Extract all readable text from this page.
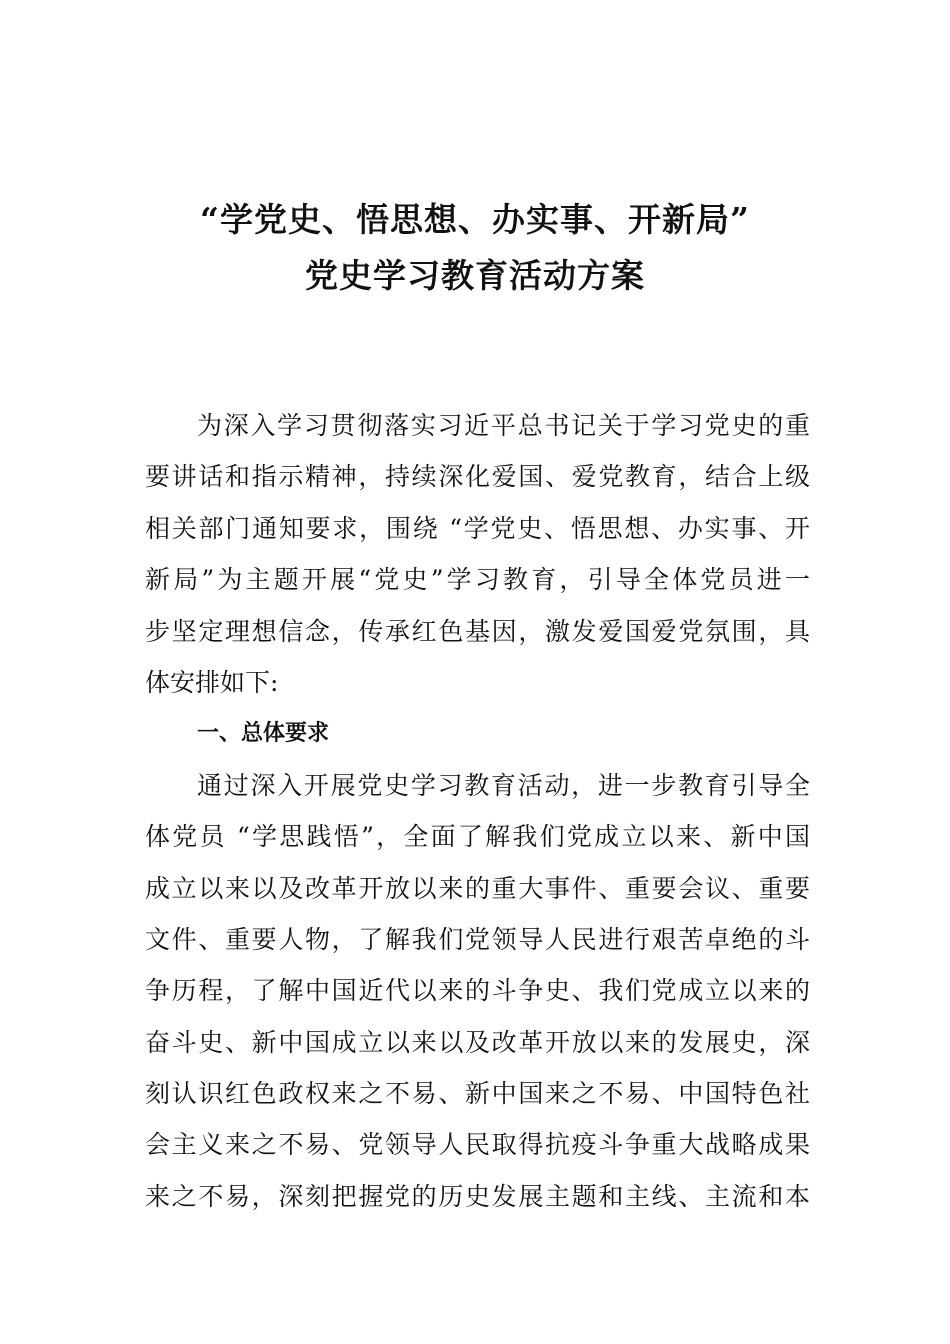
“学党史、悟思想、办实事、开新局”
党史学习教育活动方案
为深入学习贯彻落实习近平总书记关于学习党史的重
要讲话和指示精神，持续深化爱国、爱党教育，结合上级
相关部门通知要求，围绕 “学党史、悟思想、办实事、开
新局”为主题开展“党史”学习教育，引导全体党员进一
步坚定理想信念，传承红色基因，激发爱国爱党氛围，具
体安排如下:
一、总体要求
通过深入开展党史学习教育活动，进一步教育引导全
体党员 “学思践悟”，全面了解我们党成立以来、新中国
成立以来以及改革开放以来的重大事件、重要会议、重要
文件、重要人物，了解我们党领导人民进行艰苦卓绝的斗
争历程，了解中国近代以来的斗争史、我们党成立以来的
奋斗史、新中国成立以来以及改革开放以来的发展史，深
刻认识红色政权来之不易、新中国来之不易、中国特色社
会主义来之不易、党领导人民取得抗疫斗争重大战略成果
来之不易，深刻把握党的历史发展主题和主线、主流和本
